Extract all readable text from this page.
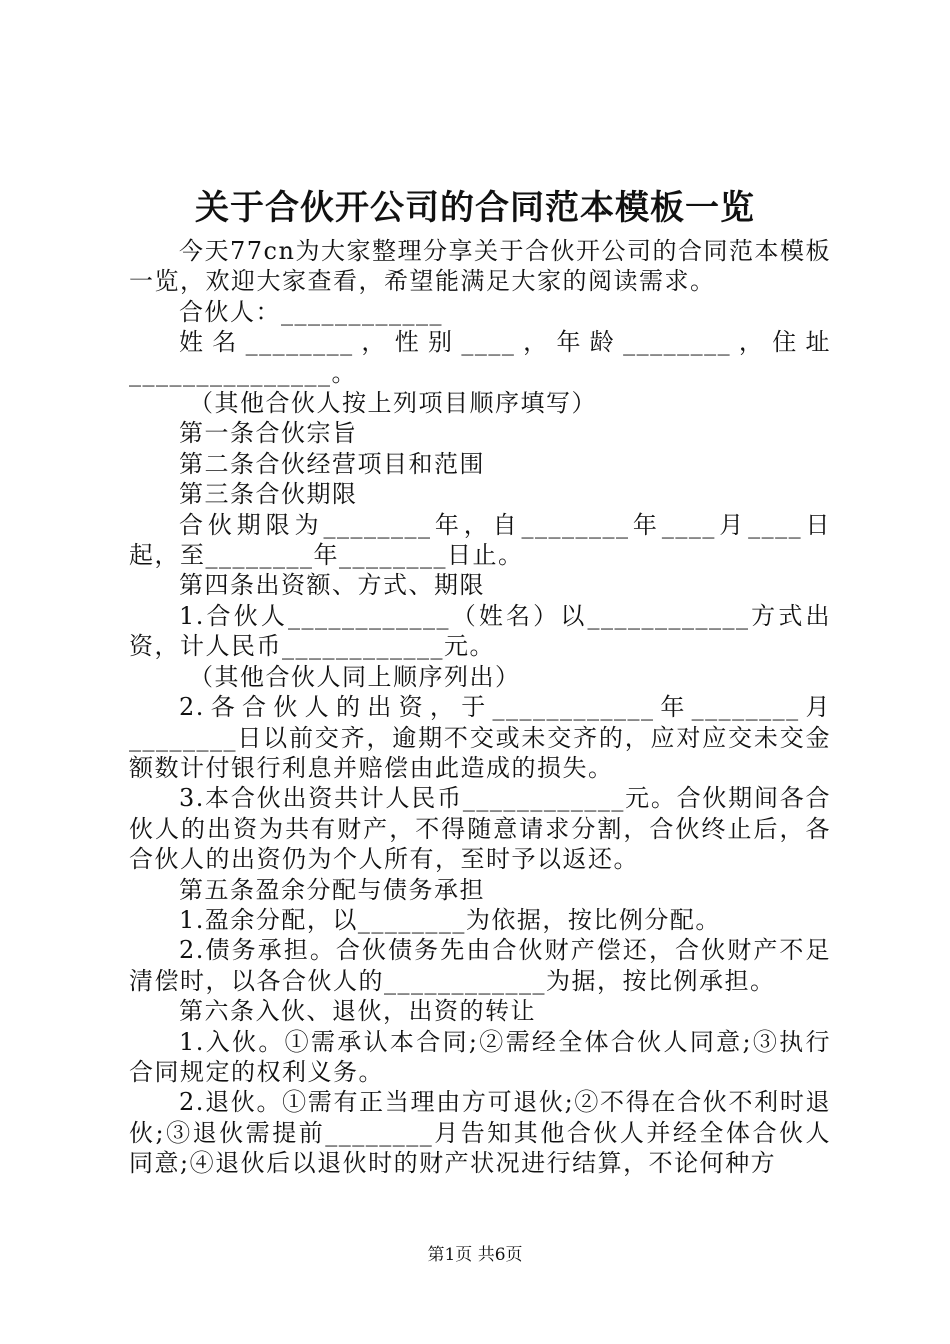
关于合伙开公司的合同范本模板一览

今天77cn为大家整理分享关于合伙开公司的合同范本模板一览，欢迎大家查看，希望能满足大家的阅读需求。

合伙人：____________

姓名________，性别____，年龄________，住址_______________。

（其他合伙人按上列项目顺序填写）

第一条合伙宗旨

第二条合伙经营项目和范围

第三条合伙期限

合伙期限为________年，自________年____月____日起，至________年________日止。

第四条出资额、方式、期限

1.合伙人____________（姓名）以____________方式出资，计人民币____________元。

（其他合伙人同上顺序列出）

2.各合伙人的出资，于____________年________月________日以前交齐，逾期不交或未交齐的，应对应交未交金额数计付银行利息并赔偿由此造成的损失。

3.本合伙出资共计人民币____________元。合伙期间各合伙人的出资为共有财产，不得随意请求分割，合伙终止后，各合伙人的出资仍为个人所有，至时予以返还。

第五条盈余分配与债务承担

1.盈余分配，以________为依据，按比例分配。

2.债务承担。合伙债务先由合伙财产偿还，合伙财产不足清偿时，以各合伙人的____________为据，按比例承担。

第六条入伙、退伙，出资的转让

1.入伙。①需承认本合同;②需经全体合伙人同意;③执行合同规定的权利义务。

2.退伙。①需有正当理由方可退伙;②不得在合伙不利时退伙;③退伙需提前________月告知其他合伙人并经全体合伙人同意;④退伙后以退伙时的财产状况进行结算，不论何种方

第1页 共6页
